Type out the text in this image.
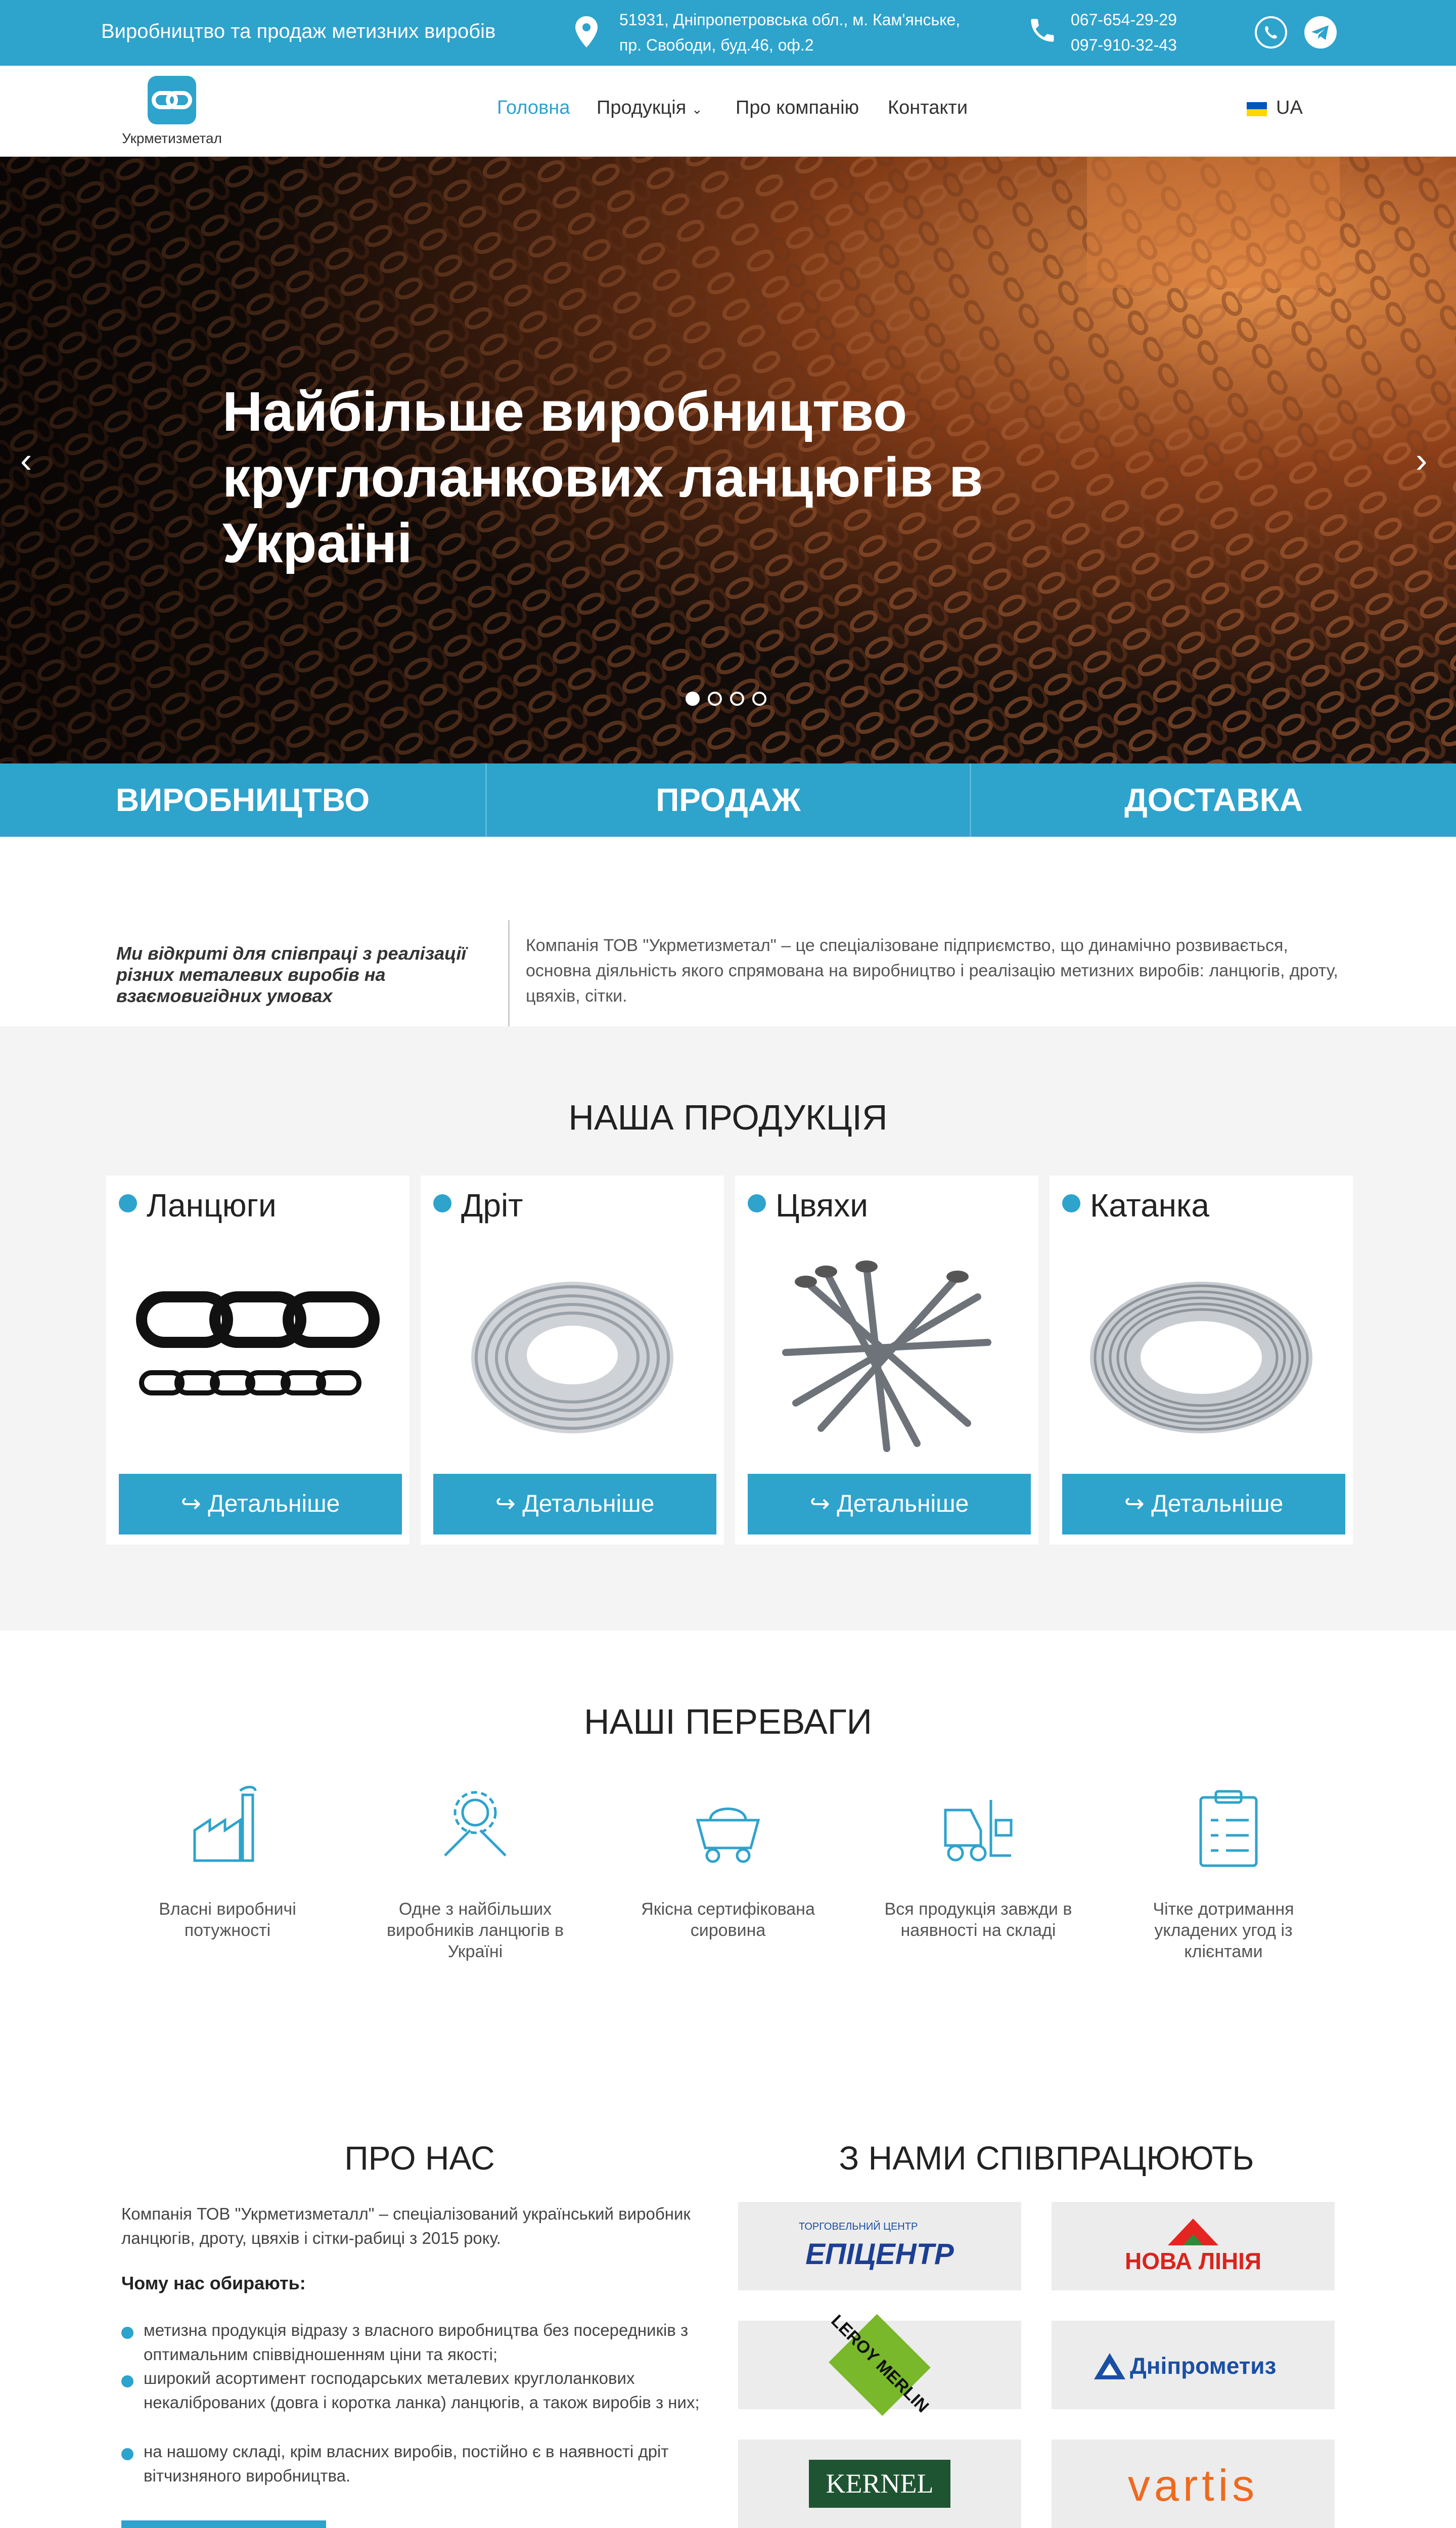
Виробництво та продаж метизних виробів
51931, Дніпропетровська обл., м. Кам'янське,
пр. Свободи, буд.46, оф.2
067-654-29-29
097-910-32-43
Укрметизметал
Головна Продукція ⌄ Про компанію Контакти	UA
‹	›
Найбільше виробництво круглоланкових ланцюгів в Україні
ВИРОБНИЦТВО	ПРОДАЖ	ДОСТАВКА
Ми відкриті для співпраці з реалізації різних металевих виробів на взаємовигідних умовах
Компанія ТОВ "Укрметизметал" – це спеціалізоване підприємство, що динамічно розвивається, основна діяльність якого спрямована на виробництво і реалізацію метизних виробів: ланцюгів, дроту, цвяхів, сітки.
НАША ПРОДУКЦІЯ
Ланцюги
↪ Детальніше
Дріт
↪ Детальніше
Цвяхи
↪ Детальніше
Катанка
↪ Детальніше
НАШІ ПЕРЕВАГИ
Власні виробничі потужності
Одне з найбільших виробників ланцюгів в Україні
Якісна сертифікована сировина
Вся продукція завжди в наявності на складі
Чітке дотримання укладених угод із клієнтами
ПРО НАС
Компанія ТОВ "Укрметизметалл" – спеціалізований український виробник ланцюгів, дроту, цвяхів і сітки-рабиці з 2015 року.
Чому нас обирають:
метизна продукція відразу з власного виробництва без посередників з оптимальним співвідношенням ціни та якості;
широкий асортимент господарських металевих круглоланкових некаліброваних (довга і коротка ланка) ланцюгів, а також виробів з них;
на нашому складі, крім власних виробів, постійно є в наявності дріт вітчизняного виробництва.
З НАМИ СПІВПРАЦЮЮТЬ
ТОРГОВЕЛЬНИЙ ЦЕНТР
ЕПІЦЕНТР	НОВА ЛІНІЯ
LEROY MERLIN	Дніпрометиз
KERNEL	vartis
